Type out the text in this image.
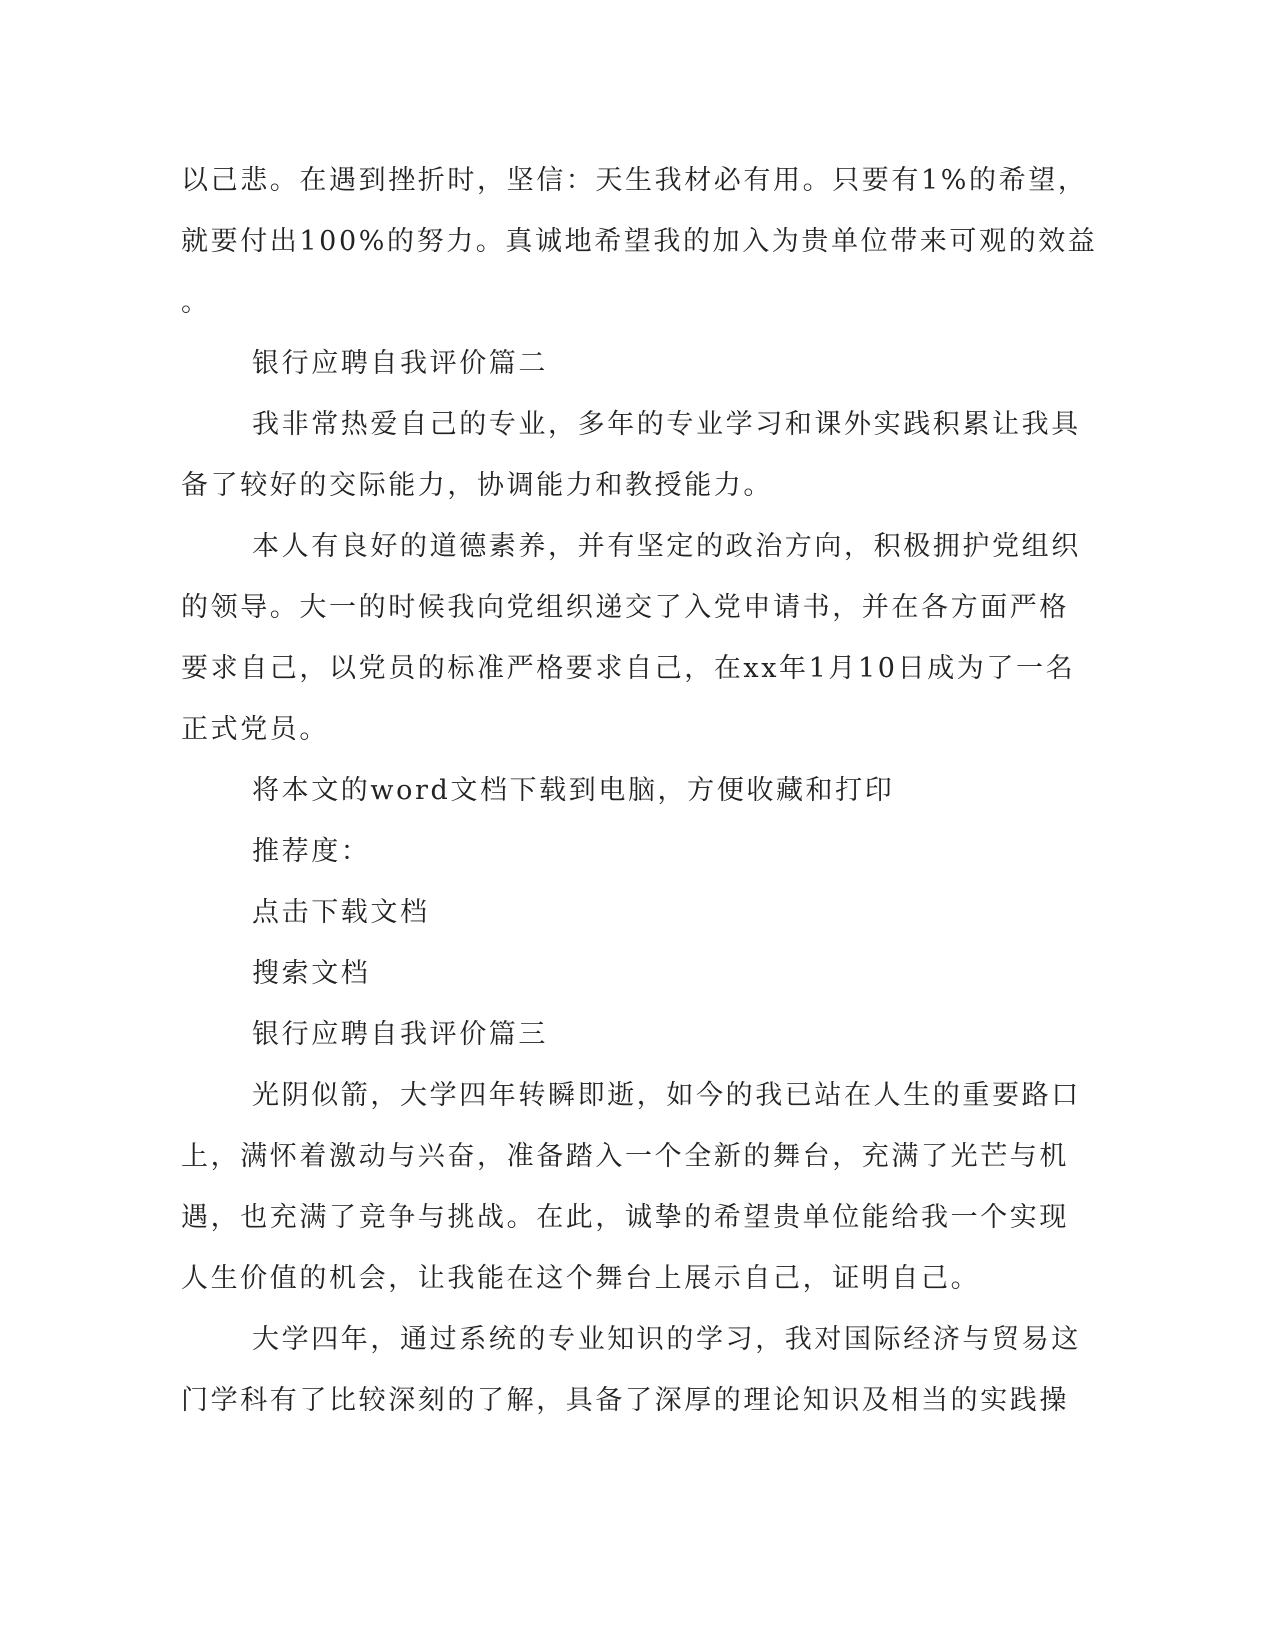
以己悲。在遇到挫折时，坚信：天生我材必有用。只要有1%的希望，
就要付出100%的努力。真诚地希望我的加入为贵单位带来可观的效益
。
银行应聘自我评价篇二
我非常热爱自己的专业，多年的专业学习和课外实践积累让我具
备了较好的交际能力，协调能力和教授能力。
本人有良好的道德素养，并有坚定的政治方向，积极拥护党组织
的领导。大一的时候我向党组织递交了入党申请书，并在各方面严格
要求自己，以党员的标准严格要求自己，在xx年1月10日成为了一名
正式党员。
将本文的word文档下载到电脑，方便收藏和打印
推荐度：
点击下载文档
搜索文档
银行应聘自我评价篇三
光阴似箭，大学四年转瞬即逝，如今的我已站在人生的重要路口
上，满怀着激动与兴奋，准备踏入一个全新的舞台，充满了光芒与机
遇，也充满了竞争与挑战。在此，诚挚的希望贵单位能给我一个实现
人生价值的机会，让我能在这个舞台上展示自己，证明自己。
大学四年，通过系统的专业知识的学习，我对国际经济与贸易这
门学科有了比较深刻的了解，具备了深厚的理论知识及相当的实践操
